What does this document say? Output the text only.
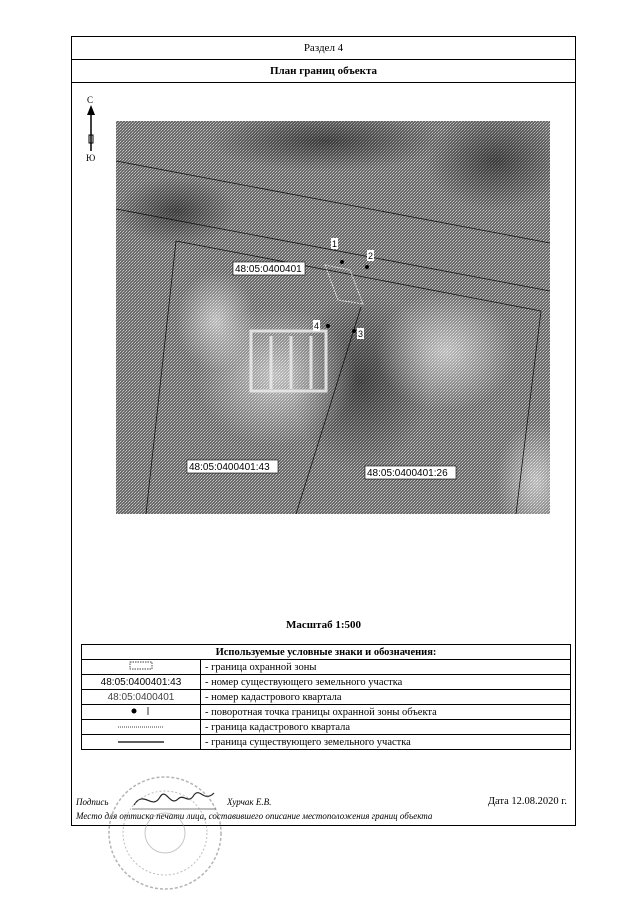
Раздел 4
План границ объекта
С
Ю
1
2
3
4
48:05:0400401
48:05:0400401:43
48:05:0400401:26
Масштаб 1:500
Используемые условные знаки и обозначения:	
	- граница охранной зоны
48:05:0400401:43	- номер существующего земельного участка
48:05:0400401	- номер кадастрового квартала
	- поворотная точка границы охранной зоны объекта
	- граница кадастрового квартала
	- граница существующего земельного участка
Подпись	Хурчак Е.В.	Дата 12.08.2020 г.
Место для оттиска печати лица, составившего описание местоположения границ объекта
